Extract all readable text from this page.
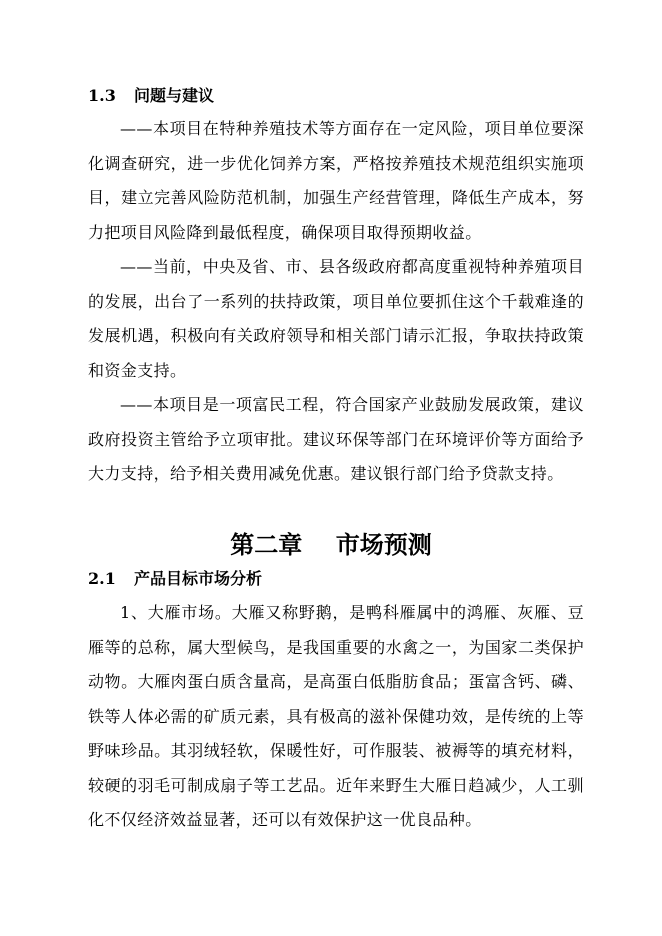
1.3 问题与建议
——本项目在特种养殖技术等方面存在一定风险，项目单位要深化调查研究，进一步优化饲养方案，严格按养殖技术规范组织实施项目，建立完善风险防范机制，加强生产经营管理，降低生产成本，努力把项目风险降到最低程度，确保项目取得预期收益。
——当前，中央及省、市、县各级政府都高度重视特种养殖项目的发展，出台了一系列的扶持政策，项目单位要抓住这个千载难逢的发展机遇，积极向有关政府领导和相关部门请示汇报，争取扶持政策和资金支持。
——本项目是一项富民工程，符合国家产业鼓励发展政策，建议政府投资主管给予立项审批。建议环保等部门在环境评价等方面给予大力支持，给予相关费用减免优惠。建议银行部门给予贷款支持。
第二章    市场预测
2.1 产品目标市场分析
1、大雁市场。大雁又称野鹅，是鸭科雁属中的鸿雁、灰雁、豆雁等的总称，属大型候鸟，是我国重要的水禽之一，为国家二类保护动物。大雁肉蛋白质含量高，是高蛋白低脂肪食品；蛋富含钙、磷、铁等人体必需的矿质元素，具有极高的滋补保健功效，是传统的上等野味珍品。其羽绒轻软，保暖性好，可作服装、被褥等的填充材料，较硬的羽毛可制成扇子等工艺品。近年来野生大雁日趋减少，人工驯化不仅经济效益显著，还可以有效保护这一优良品种。
